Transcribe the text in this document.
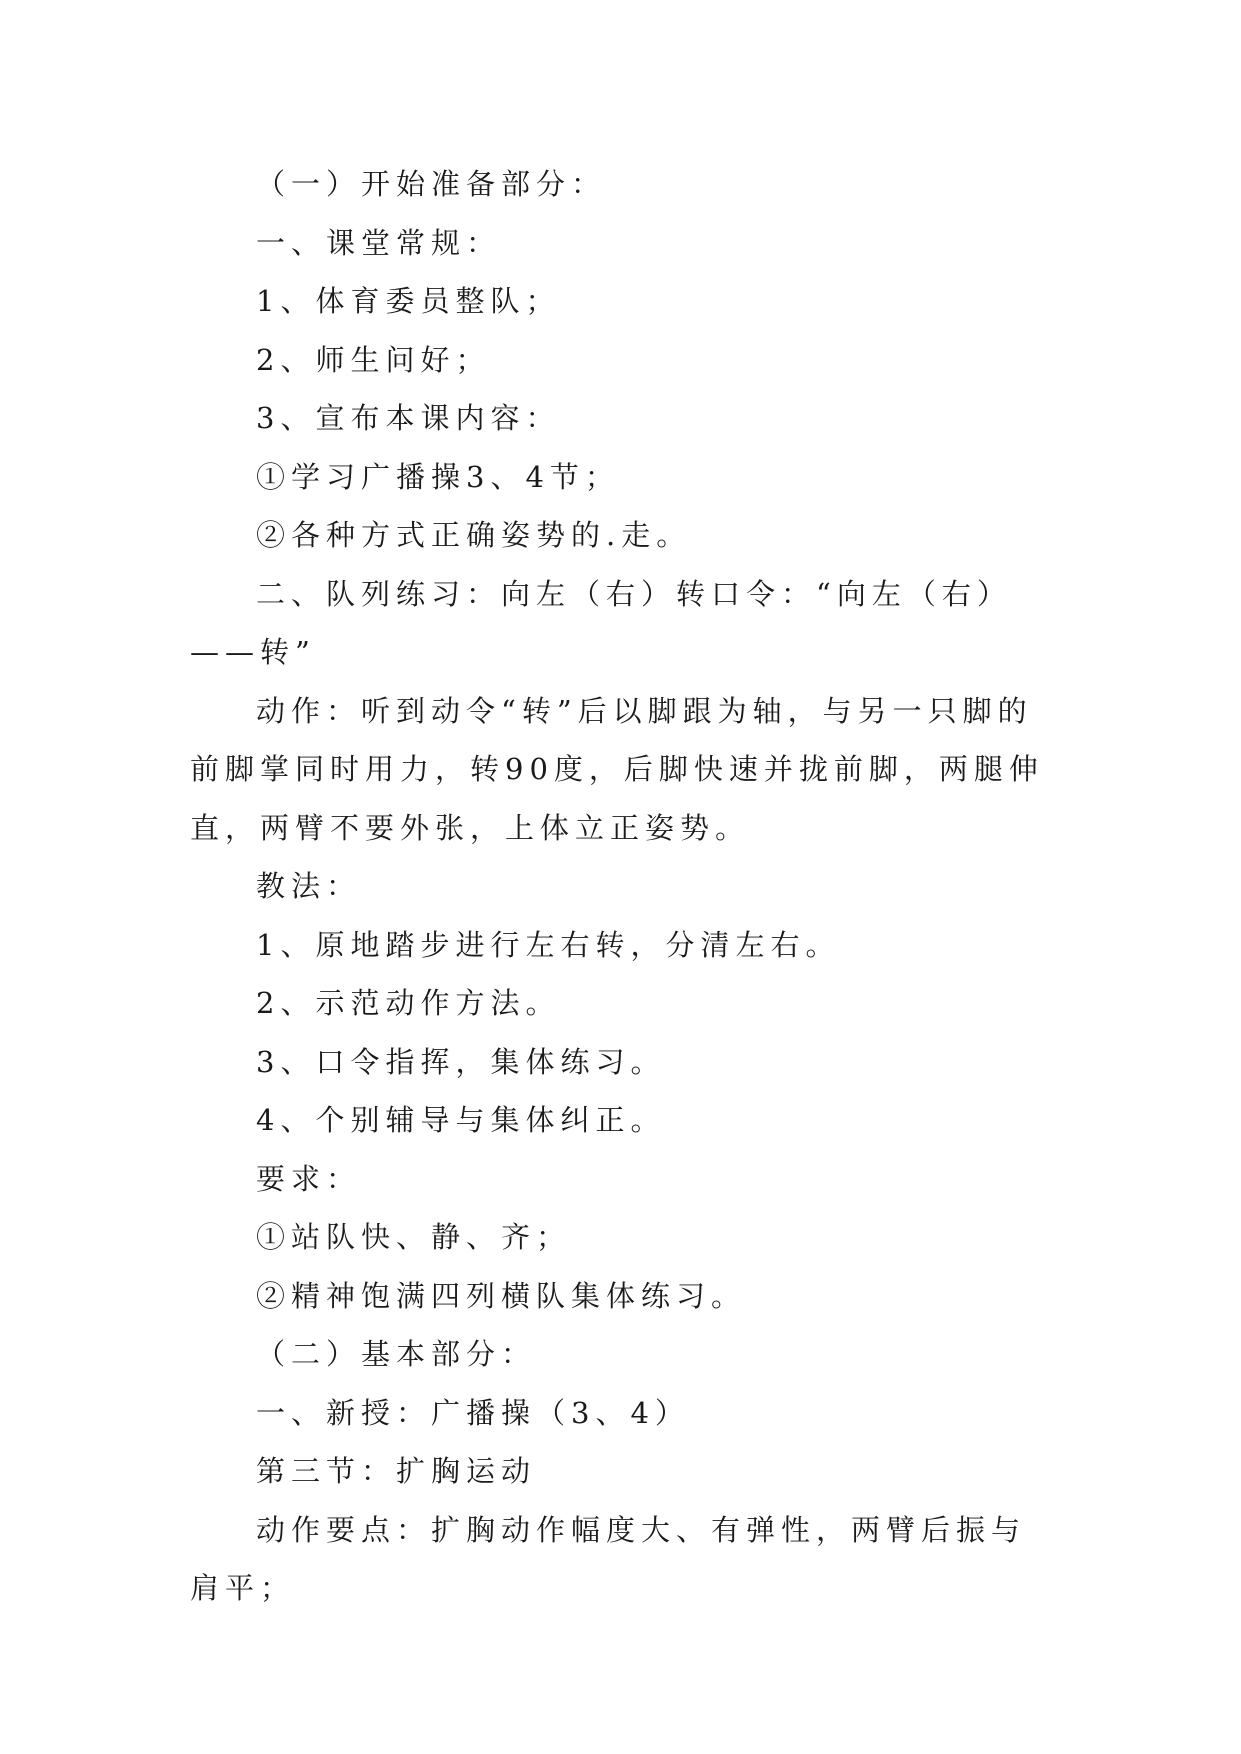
（一）开始准备部分：

一、课堂常规：

1、体育委员整队；

2、师生问好；

3、宣布本课内容：

①学习广播操3、4节；

②各种方式正确姿势的.走。

二、队列练习：向左（右）转口令：“向左（右）——转”

动作：听到动令“转”后以脚跟为轴，与另一只脚的前脚掌同时用力，转90度，后脚快速并拢前脚，两腿伸直，两臂不要外张，上体立正姿势。

教法：

1、原地踏步进行左右转，分清左右。

2、示范动作方法。

3、口令指挥，集体练习。

4、个别辅导与集体纠正。

要求：

①站队快、静、齐；

②精神饱满四列横队集体练习。

（二）基本部分：

一、新授：广播操（3、4）

第三节：扩胸运动

动作要点：扩胸动作幅度大、有弹性，两臂后振与肩平；
